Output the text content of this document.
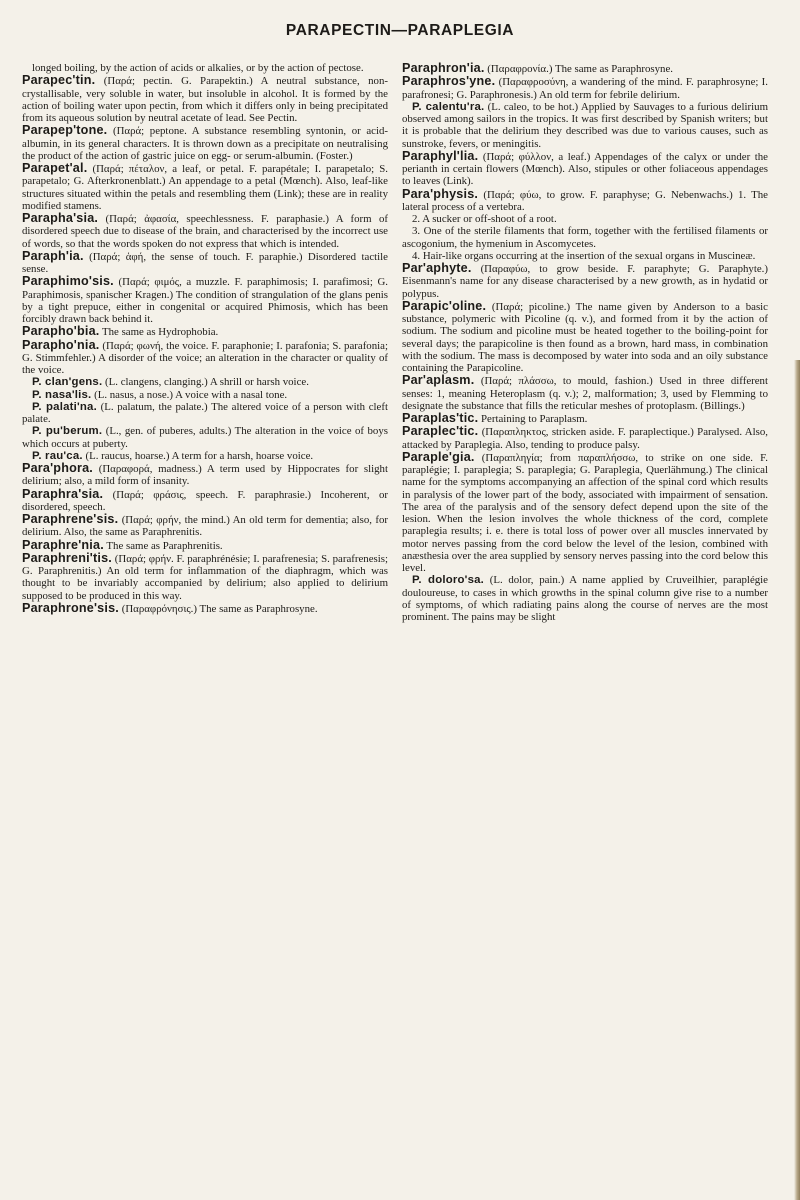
PARAPECTIN—PARAPLEGIA

longed boiling, by the action of acids or alkalies, or by the action of pectose.

Parapec'tin. (Παρά; pectin. G. Parapektin.) A neutral substance, non-crystallisable, very soluble in water, but insoluble in alcohol. It is formed by the action of boiling water upon pectin, from which it differs only in being precipitated from its aqueous solution by neutral acetate of lead. See Pectin.

Parapep'tone. (Παρά; peptone. A substance resembling syntonin, or acid-albumin, in its general characters. It is thrown down as a precipitate on neutralising the product of the action of gastric juice on egg- or serum-albumin. (Foster.)

Parapet'al. (Παρά; πέταλον, a leaf, or petal. F. parapétale; I. parapetalo; S. parapetalo; G. Afterkronenblatt.) An appendage to a petal (Mœnch). Also, leaf-like structures situated within the petals and resembling them (Link); these are in reality modified stamens.

Parapha'sia. (Παρά; ἀφασία, speechlessness. F. paraphasie.) A form of disordered speech due to disease of the brain, and characterised by the incorrect use of words, so that the words spoken do not express that which is intended.

Paraph'ia. (Παρά; ἁφή, the sense of touch. F. paraphie.) Disordered tactile sense.

Paraphimo'sis. (Παρά; φιμός, a muzzle. F. paraphimosis; I. parafimosi; G. Paraphimosis, spanischer Kragen.) The condition of strangulation of the glans penis by a tight prepuce, either in congenital or acquired Phimosis, which has been forcibly drawn back behind it.

Parapho'bia. The same as Hydrophobia.

Parapho'nia. (Παρά; φωνή, the voice. F. paraphonie; I. parafonia; S. parafonia; G. Stimmfehler.) A disorder of the voice; an alteration in the character or quality of the voice.

P. clan'gens. (L. clangens, clanging.) A shrill or harsh voice.

P. nasa'lis. (L. nasus, a nose.) A voice with a nasal tone.

P. palati'na. (L. palatum, the palate.) The altered voice of a person with cleft palate.

P. pu'berum. (L., gen. of puberes, adults.) The alteration in the voice of boys which occurs at puberty.

P. rau'ca. (L. raucus, hoarse.) A term for a harsh, hoarse voice.

Para'phora. (Παραφορά, madness.) A term used by Hippocrates for slight delirium; also, a mild form of insanity.

Paraphra'sia. (Παρά; φράσις, speech. F. paraphrasie.) Incoherent, or disordered, speech.

Paraphrene'sis. (Παρά; φρήν, the mind.) An old term for dementia; also, for delirium. Also, the same as Paraphrenitis.

Paraphre'nia. The same as Paraphrenitis.

Paraphreni'tis. (Παρά; φρήν. F. paraphrénésie; I. parafrenesia; S. parafrenesis; G. Paraphrenitis.) An old term for inflammation of the diaphragm, which was thought to be invariably accompanied by delirium; also applied to delirium supposed to be produced in this way.

Paraphrone'sis. (Παραφρόνησις.) The same as Paraphrosyne.

Paraphron'ia. (Παραφρονία.) The same as Paraphrosyne.

Paraphros'yne. (Παραφροσύνη, a wandering of the mind. F. paraphrosyne; I. parafronesi; G. Paraphronesis.) An old term for febrile delirium.

P. calentu'ra. (L. caleo, to be hot.) Applied by Sauvages to a furious delirium observed among sailors in the tropics. It was first described by Spanish writers; but it is probable that the delirium they described was due to various causes, such as sunstroke, fevers, or meningitis.

Paraphyl'lia. (Παρά; φύλλον, a leaf.) Appendages of the calyx or under the perianth in certain flowers (Mœnch). Also, stipules or other foliaceous appendages to leaves (Link).

Para'physis. (Παρά; φύω, to grow. F. paraphyse; G. Nebenwachs.) 1. The lateral process of a vertebra.

2. A sucker or off-shoot of a root.

3. One of the sterile filaments that form, together with the fertilised filaments or ascogonium, the hymenium in Ascomycetes.

4. Hair-like organs occurring at the insertion of the sexual organs in Muscineæ.

Par'aphyte. (Παραφύω, to grow beside. F. paraphyte; G. Paraphyte.) Eisenmann's name for any disease characterised by a new growth, as in hydatid or polypus.

Parapic'oline. (Παρά; picoline.) The name given by Anderson to a basic substance, polymeric with Picoline (q. v.), and formed from it by the action of sodium. The sodium and picoline must be heated together to the boiling-point for several days; the parapicoline is then found as a brown, hard mass, in combination with the sodium. The mass is decomposed by water into soda and an oily substance containing the Parapicoline.

Par'aplasm. (Παρά; πλάσσω, to mould, fashion.) Used in three different senses: 1, meaning Heteroplasm (q. v.); 2, malformation; 3, used by Flemming to designate the substance that fills the reticular meshes of protoplasm. (Billings.)

Paraplas'tic. Pertaining to Paraplasm.

Paraplec'tic. (Παραπληκτος, stricken aside. F. paraplectique.) Paralysed. Also, attacked by Paraplegia. Also, tending to produce palsy.

Paraple'gia. (Παραπληγία; from παραπλήσσω, to strike on one side. F. paraplégie; I. paraplegia; S. paraplegia; G. Paraplegia, Querlähmung.) The clinical name for the symptoms accompanying an affection of the spinal cord which results in paralysis of the lower part of the body, associated with impairment of sensation. The area of the paralysis and of the sensory defect depend upon the site of the lesion. When the lesion involves the whole thickness of the cord, complete paraplegia results; i. e. there is total loss of power over all muscles innervated by motor nerves passing from the cord below the level of the lesion, combined with anæsthesia over the area supplied by sensory nerves passing into the cord below this level.

P. doloro'sa. (L. dolor, pain.) A name applied by Cruveilhier, paraplégie douloureuse, to cases in which growths in the spinal column give rise to a number of symptoms, of which radiating pains along the course of nerves are the most prominent. The pains may be slight
